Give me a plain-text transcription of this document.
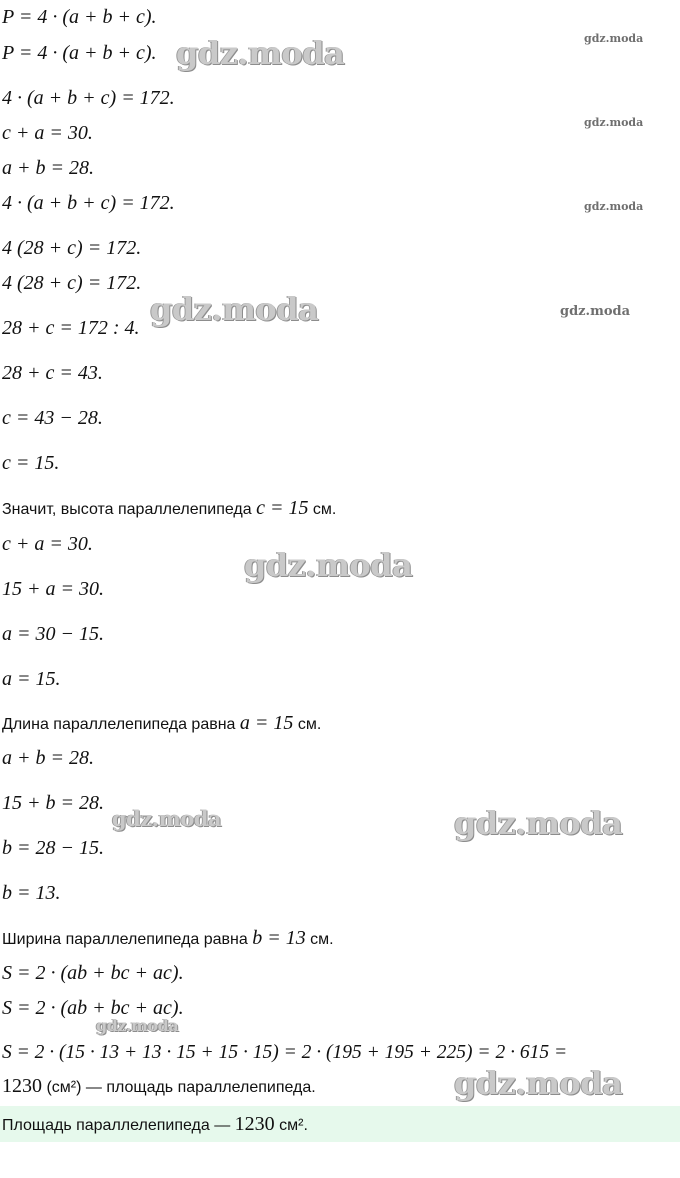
P = 4 · (a + b + c).
P = 4 · (a + b + c).
4 · (a + b + c) = 172.
c + a = 30.
a + b = 28.
4 · (a + b + c) = 172.
4 (28 + c) = 172.
4 (28 + c) = 172.
28 + c = 172 : 4.
28 + c = 43.
c = 43 − 28.
c = 15.
Значит, высота параллелепипеда c = 15 см.
c + a = 30.
15 + a = 30.
a = 30 − 15.
a = 15.
Длина параллелепипеда равна a = 15 см.
a + b = 28.
15 + b = 28.
b = 28 − 15.
b = 13.
Ширина параллелепипеда равна b = 13 см.
S = 2 · (ab + bc + ac).
S = 2 · (ab + bc + ac).
S = 2 · (15 · 13 + 13 · 15 + 15 · 15) = 2 · (195 + 195 + 225) = 2 · 615 =
1230 (см²) — площадь параллелепипеда.
Площадь параллелепипеда — 1230 см².
gdz.moda
gdz.moda
gdz.moda
gdz.moda
gdz.moda	gdz.moda
gdz.moda
gdz.moda	gdz.moda
gdz.moda
gdz.moda
